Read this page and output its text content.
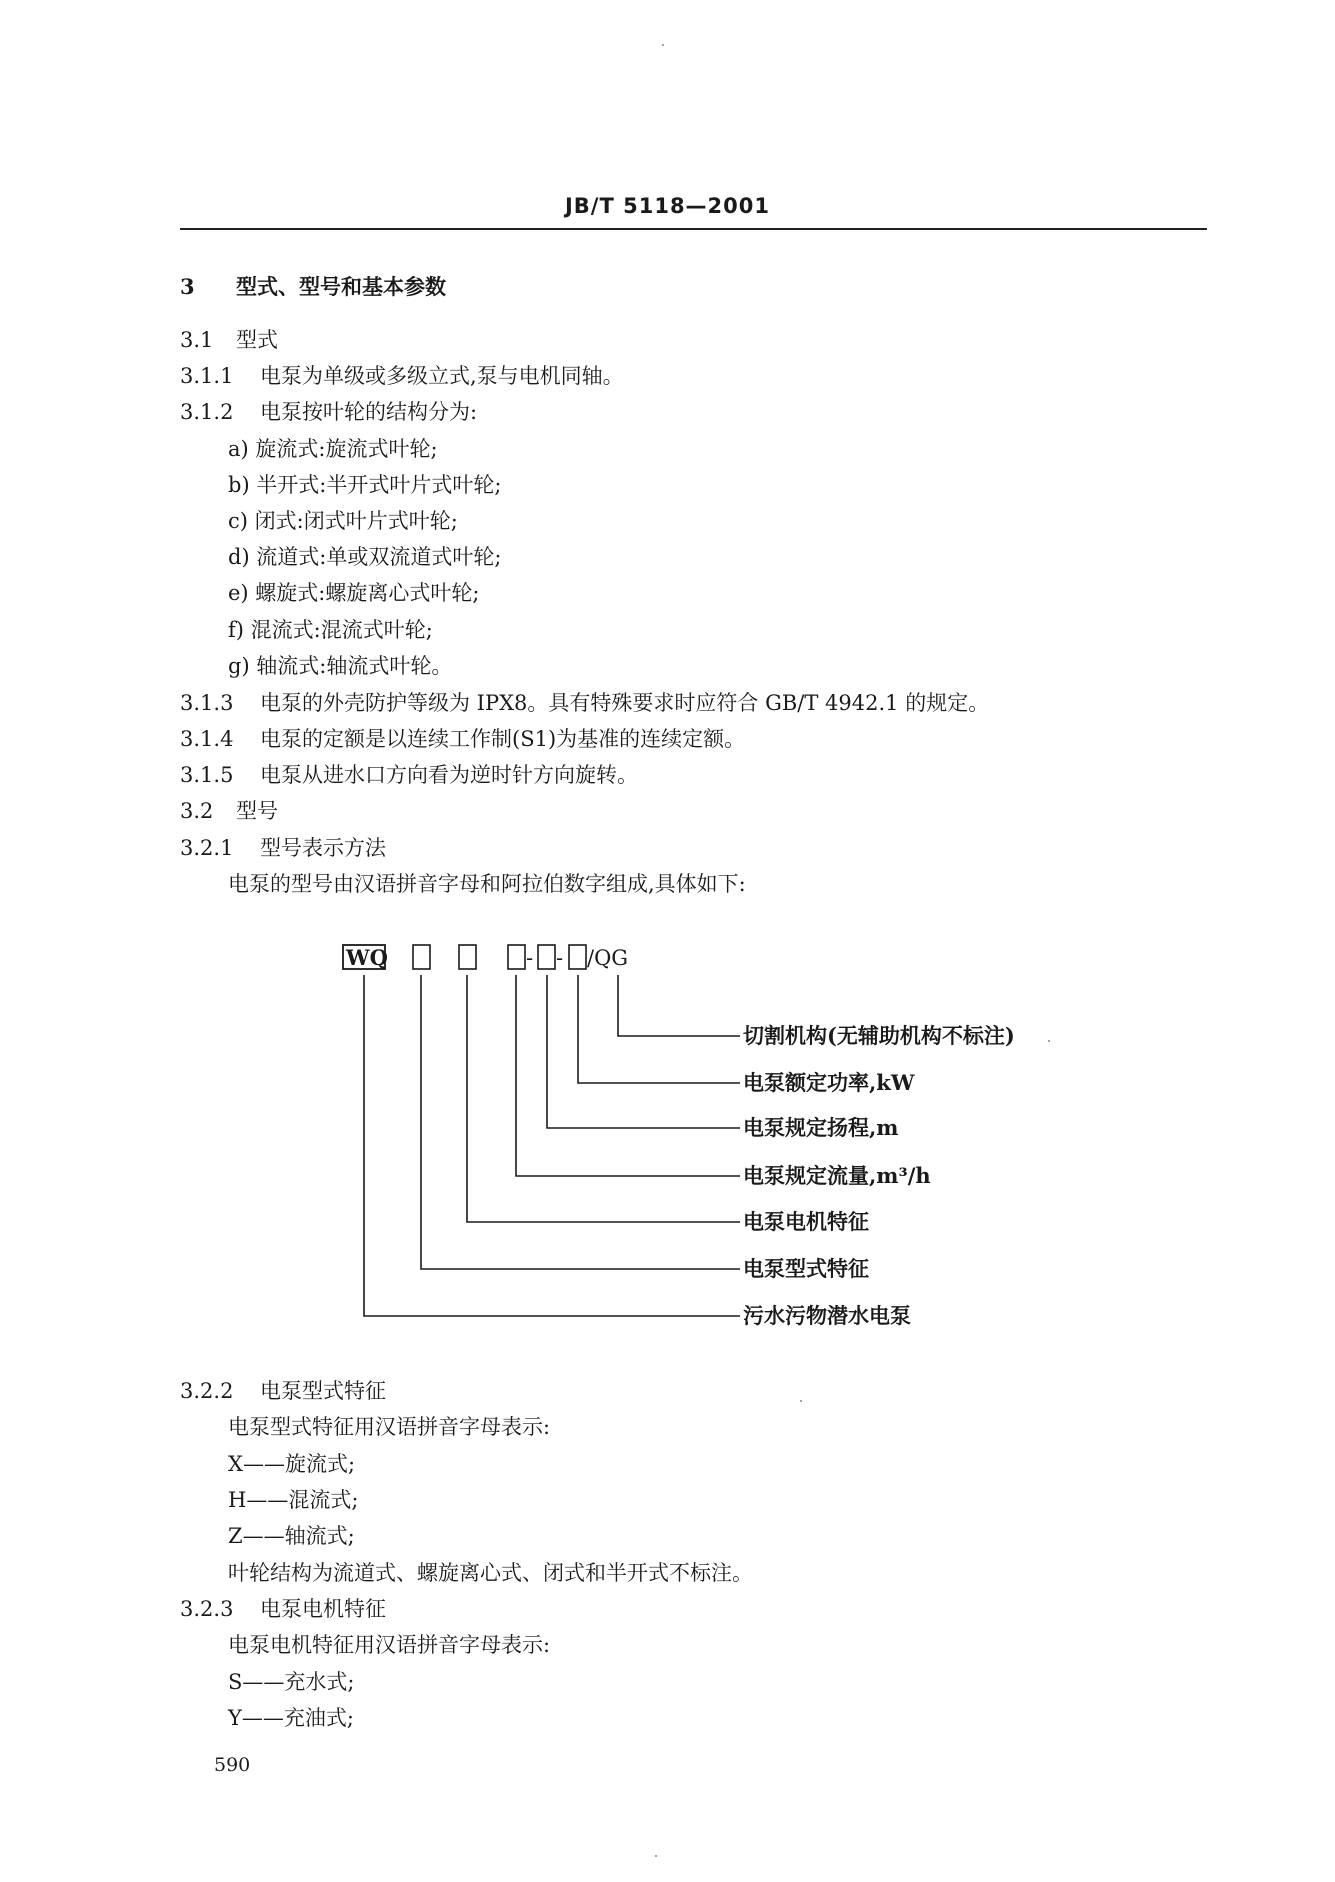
JB/T 5118—2001
3 型式、型号和基本参数
3.1 型式
3.1.1 电泵为单级或多级立式,泵与电机同轴。
3.1.2 电泵按叶轮的结构分为:
a) 旋流式:旋流式叶轮;
b) 半开式:半开式叶片式叶轮;
c) 闭式:闭式叶片式叶轮;
d) 流道式:单或双流道式叶轮;
e) 螺旋式:螺旋离心式叶轮;
f) 混流式:混流式叶轮;
g) 轴流式:轴流式叶轮。
3.1.3 电泵的外壳防护等级为 IPX8。具有特殊要求时应符合 GB/T 4942.1 的规定。
3.1.4 电泵的定额是以连续工作制(S1)为基准的连续定额。
3.1.5 电泵从进水口方向看为逆时针方向旋转。
3.2 型号
3.2.1 型号表示方法
电泵的型号由汉语拼音字母和阿拉伯数字组成,具体如下:
WQ	- - /QG
切割机构(无辅助机构不标注)
电泵额定功率,kW
电泵规定扬程,m
电泵规定流量,m³/h
电泵电机特征
电泵型式特征
污水污物潜水电泵
3.2.2 电泵型式特征
电泵型式特征用汉语拼音字母表示:
X——旋流式;
H——混流式;
Z——轴流式;
叶轮结构为流道式、螺旋离心式、闭式和半开式不标注。
3.2.3 电泵电机特征
电泵电机特征用汉语拼音字母表示:
S——充水式;
Y——充油式;
590
